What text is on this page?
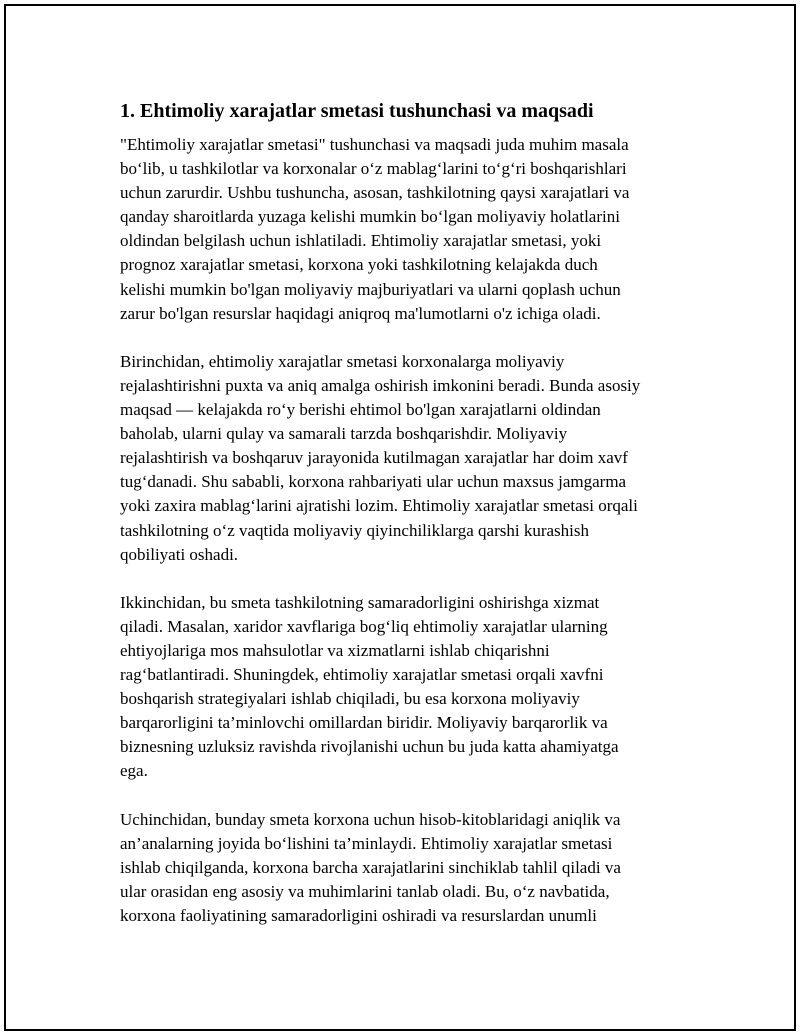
1. Ehtimoliy xarajatlar smetasi tushunchasi va maqsadi

"Ehtimoliy xarajatlar smetasi" tushunchasi va maqsadi juda muhim masala
bo‘lib, u tashkilotlar va korxonalar o‘z mablag‘larini to‘g‘ri boshqarishlari
uchun zarurdir. Ushbu tushuncha, asosan, tashkilotning qaysi xarajatlari va
qanday sharoitlarda yuzaga kelishi mumkin bo‘lgan moliyaviy holatlarini
oldindan belgilash uchun ishlatiladi. Ehtimoliy xarajatlar smetasi, yoki
prognoz xarajatlar smetasi, korxona yoki tashkilotning kelajakda duch
kelishi mumkin bo'lgan moliyaviy majburiyatlari va ularni qoplash uchun
zarur bo'lgan resurslar haqidagi aniqroq ma'lumotlarni o'z ichiga oladi.

Birinchidan, ehtimoliy xarajatlar smetasi korxonalarga moliyaviy
rejalashtirishni puxta va aniq amalga oshirish imkonini beradi. Bunda asosiy
maqsad — kelajakda ro‘y berishi ehtimol bo'lgan xarajatlarni oldindan
baholab, ularni qulay va samarali tarzda boshqarishdir. Moliyaviy
rejalashtirish va boshqaruv jarayonida kutilmagan xarajatlar har doim xavf
tug‘danadi. Shu sababli, korxona rahbariyati ular uchun maxsus jamgarma
yoki zaxira mablag‘larini ajratishi lozim. Ehtimoliy xarajatlar smetasi orqali
tashkilotning o‘z vaqtida moliyaviy qiyinchiliklarga qarshi kurashish
qobiliyati oshadi.

Ikkinchidan, bu smeta tashkilotning samaradorligini oshirishga xizmat
qiladi. Masalan, xaridor xavflariga bog‘liq ehtimoliy xarajatlar ularning
ehtiyojlariga mos mahsulotlar va xizmatlarni ishlab chiqarishni
rag‘batlantiradi. Shuningdek, ehtimoliy xarajatlar smetasi orqali xavfni
boshqarish strategiyalari ishlab chiqiladi, bu esa korxona moliyaviy
barqarorligini ta’minlovchi omillardan biridir. Moliyaviy barqarorlik va
biznesning uzluksiz ravishda rivojlanishi uchun bu juda katta ahamiyatga
ega.

Uchinchidan, bunday smeta korxona uchun hisob-kitoblaridagi aniqlik va
an’analarning joyida bo‘lishini ta’minlaydi. Ehtimoliy xarajatlar smetasi
ishlab chiqilganda, korxona barcha xarajatlarini sinchiklab tahlil qiladi va
ular orasidan eng asosiy va muhimlarini tanlab oladi. Bu, o‘z navbatida,
korxona faoliyatining samaradorligini oshiradi va resurslardan unumli
